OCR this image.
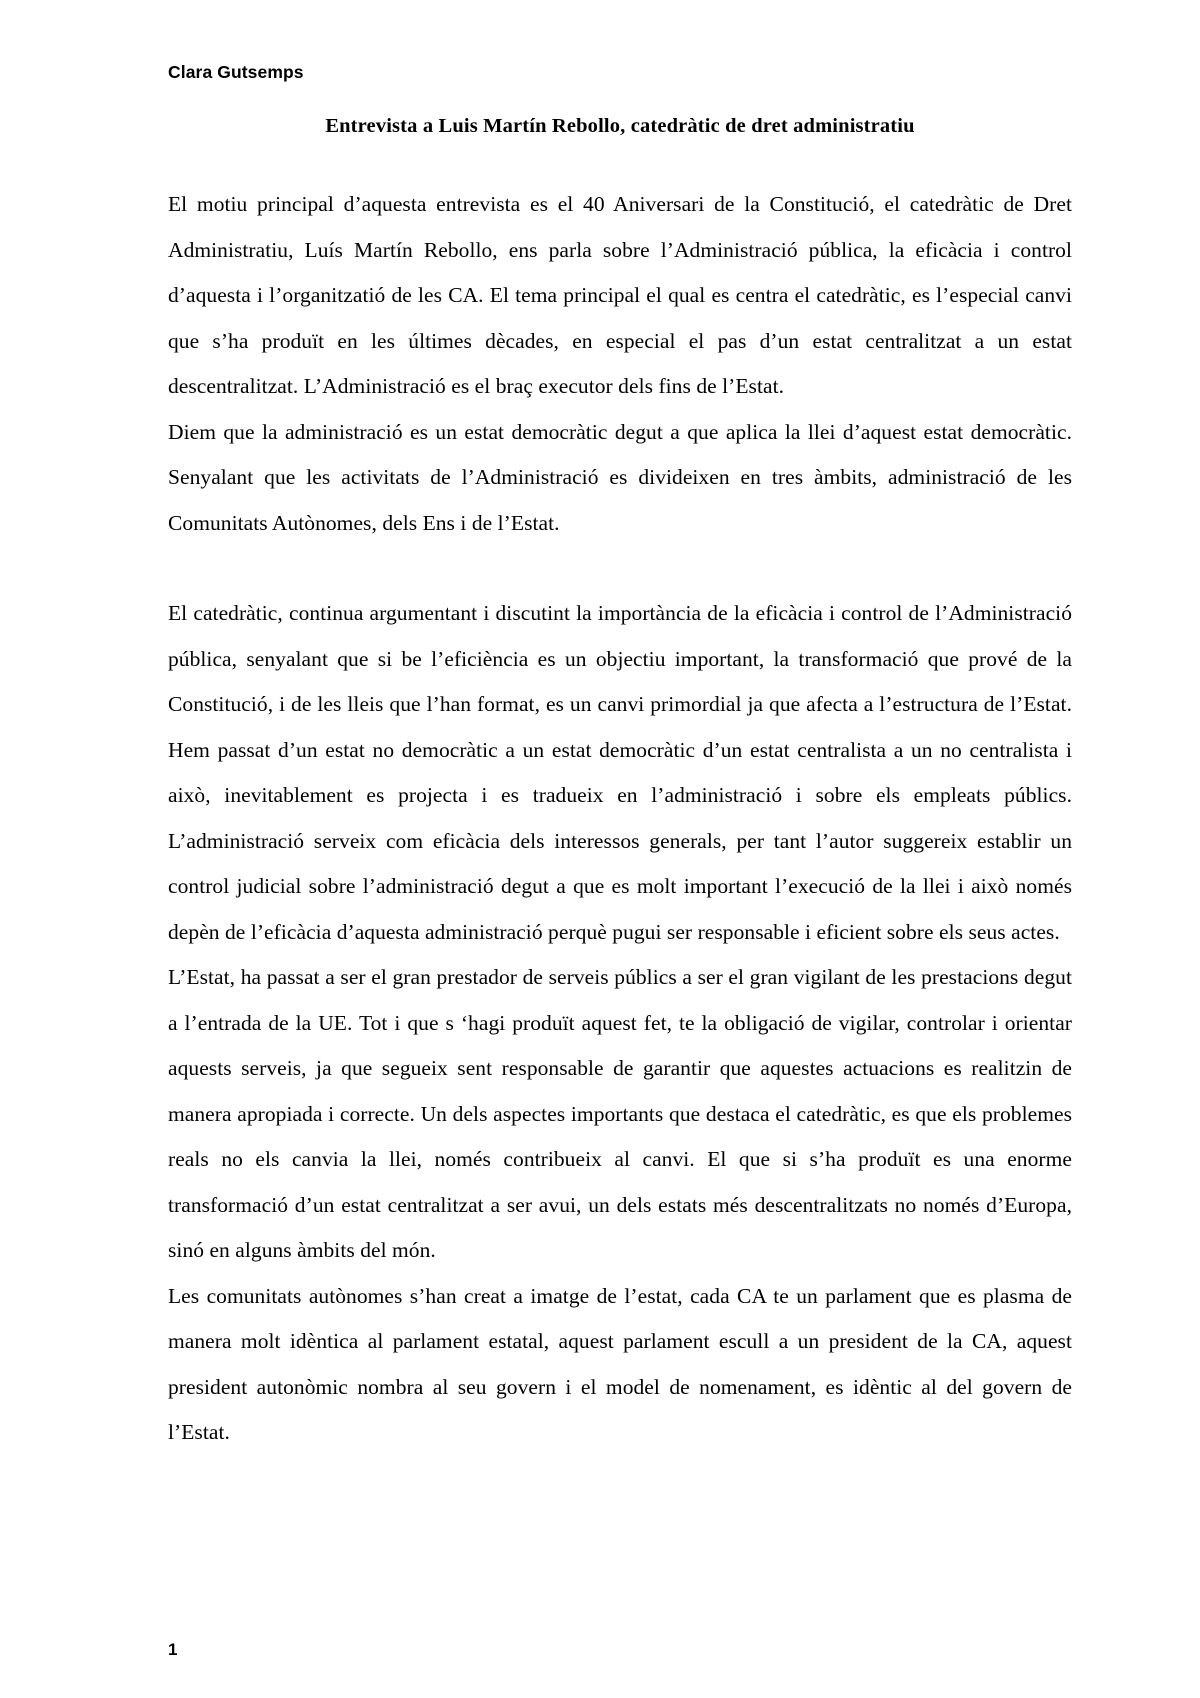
Clara Gutsemps
Entrevista a Luis Martín Rebollo, catedràtic de dret administratiu

El motiu principal d’aquesta entrevista es el 40 Aniversari de la Constitució, el catedràtic de Dret Administratiu, Luís Martín Rebollo, ens parla sobre l’Administració pública, la eficàcia i control d’aquesta i l’organitzatió de les CA. El tema principal el qual es centra el catedràtic, es l’especial canvi que s’ha produït en les últimes dècades, en especial el pas d’un estat centralitzat a un estat descentralitzat. L’Administració es el braç executor dels fins de l’Estat.

Diem que la administració es un estat democràtic degut a que aplica la llei d’aquest estat democràtic. Senyalant que les activitats de l’Administració es divideixen en tres àmbits, administració de les Comunitats Autònomes, dels Ens i de l’Estat.

El catedràtic, continua argumentant i discutint la importància de la eficàcia i control de l’Administració pública, senyalant que si be l’eficiència es un objectiu important, la transformació que prové de la Constitució, i de les lleis que l’han format, es un canvi primordial ja que afecta a l’estructura de l’Estat. Hem passat d’un estat no democràtic a un estat democràtic d’un estat centralista a un no centralista i això, inevitablement es projecta i es tradueix en l’administració i sobre els empleats públics. L’administració serveix com eficàcia dels interessos generals, per tant l’autor suggereix establir un control judicial sobre l’administració degut a que es molt important l’execució de la llei i això només depèn de l’eficàcia d’aquesta administració perquè pugui ser responsable i eficient sobre els seus actes.

L’Estat, ha passat a ser el gran prestador de serveis públics a ser el gran vigilant de les prestacions degut a l’entrada de la UE. Tot i que s ‘hagi produït aquest fet, te la obligació de vigilar, controlar i orientar aquests serveis, ja que segueix sent responsable de garantir que aquestes actuacions es realitzin de manera apropiada i correcte. Un dels aspectes importants que destaca el catedràtic, es que els problemes reals no els canvia la llei, només contribueix al canvi. El que si s’ha produït es una enorme transformació d’un estat centralitzat a ser avui, un dels estats més descentralitzats no només d’Europa, sinó en alguns àmbits del món.

Les comunitats autònomes s’han creat a imatge de l’estat, cada CA te un parlament que es plasma de manera molt idèntica al parlament estatal, aquest parlament escull a un president de la CA, aquest president autonòmic nombra al seu govern i el model de nomenament, es idèntic al del govern de l’Estat.

1
